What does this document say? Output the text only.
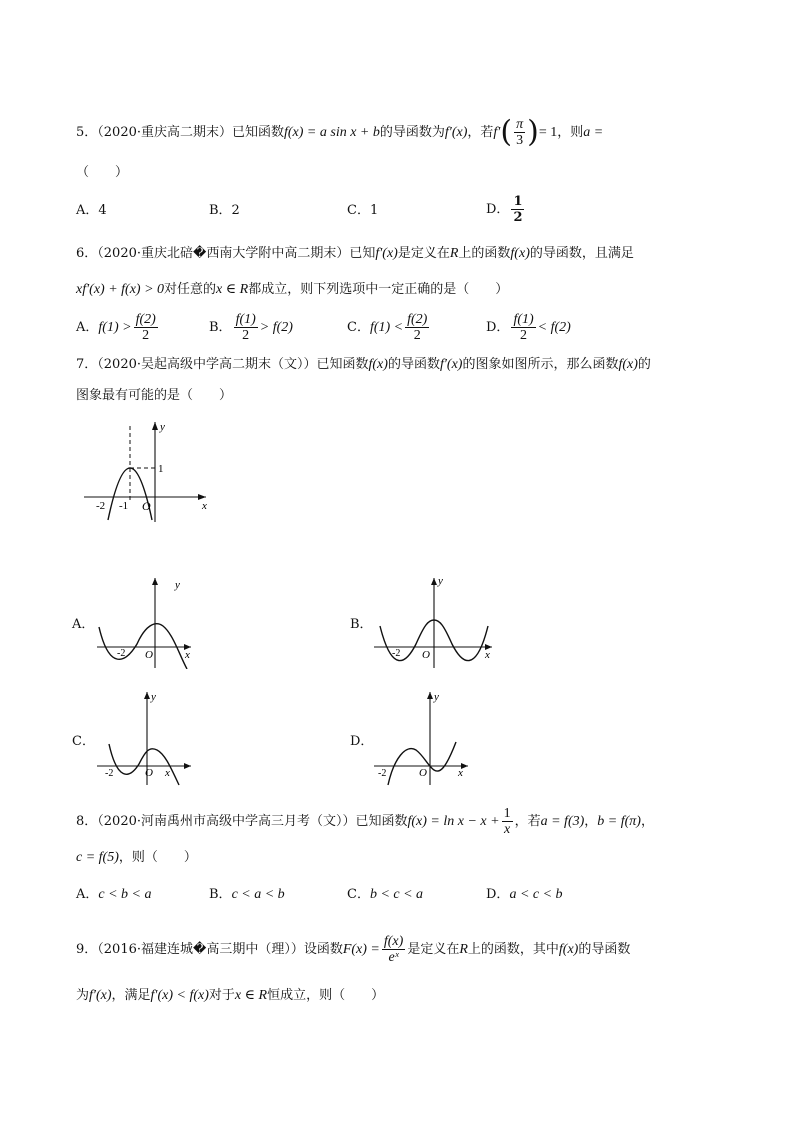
5．（2020·重庆高二期末）已知函数f(x) = a sin x + b的导函数为f′(x)，若$f'( \frac{\pi}{3}$ )= 1，则a =
（　　）
A．4	B．2	C．1	D． $\frac{1}{2}$
6．（2020·重庆北碚�西南大学附中高二期末）已知f′(x)是定义在R上的函数f(x)的导函数，且满足
xf′(x) + f(x) > 0对任意的x ∈ R都成立，则下列选项中一定正确的是（　　）
A．$f(1) > \frac{f(2)}{2}$	B． $\frac{f(1)}{2} > f(2)$	C．$f(1) < \frac{f(2)}{2}$	D． $\frac{f(1)}{2} < f(2)$
7．（2020·吴起高级中学高二期末（文））已知函数f(x)的导函数f′(x)的图象如图所示，那么函数f(x)的
图象最有可能的是（　　）
y
x
1
-2 -1 O
A．
y
x
-2 O
B．
y
x
-2 O
C．
y
x
-2	O
D．
y
x
-2	O
8．（2020·河南禹州市高级中学高三月考（文））已知函数$f(x) = \ln x - x + \frac{1}{x}$ ，若a = f(3)，b = f(π)，
c = f(5)，则（　　）
A．c < b < a	B．c < a < b	C．b < c < a	D．a < c < b
9．（2016·福建连城�高三期中（理））设函数$F(x) = \frac{f(x)}{\text{eˣ}}$ 是定义在R上的函数，其中f(x)的导函数
为f′(x)，满足f′(x) < f(x)对于x ∈ R恒成立，则（　　）
